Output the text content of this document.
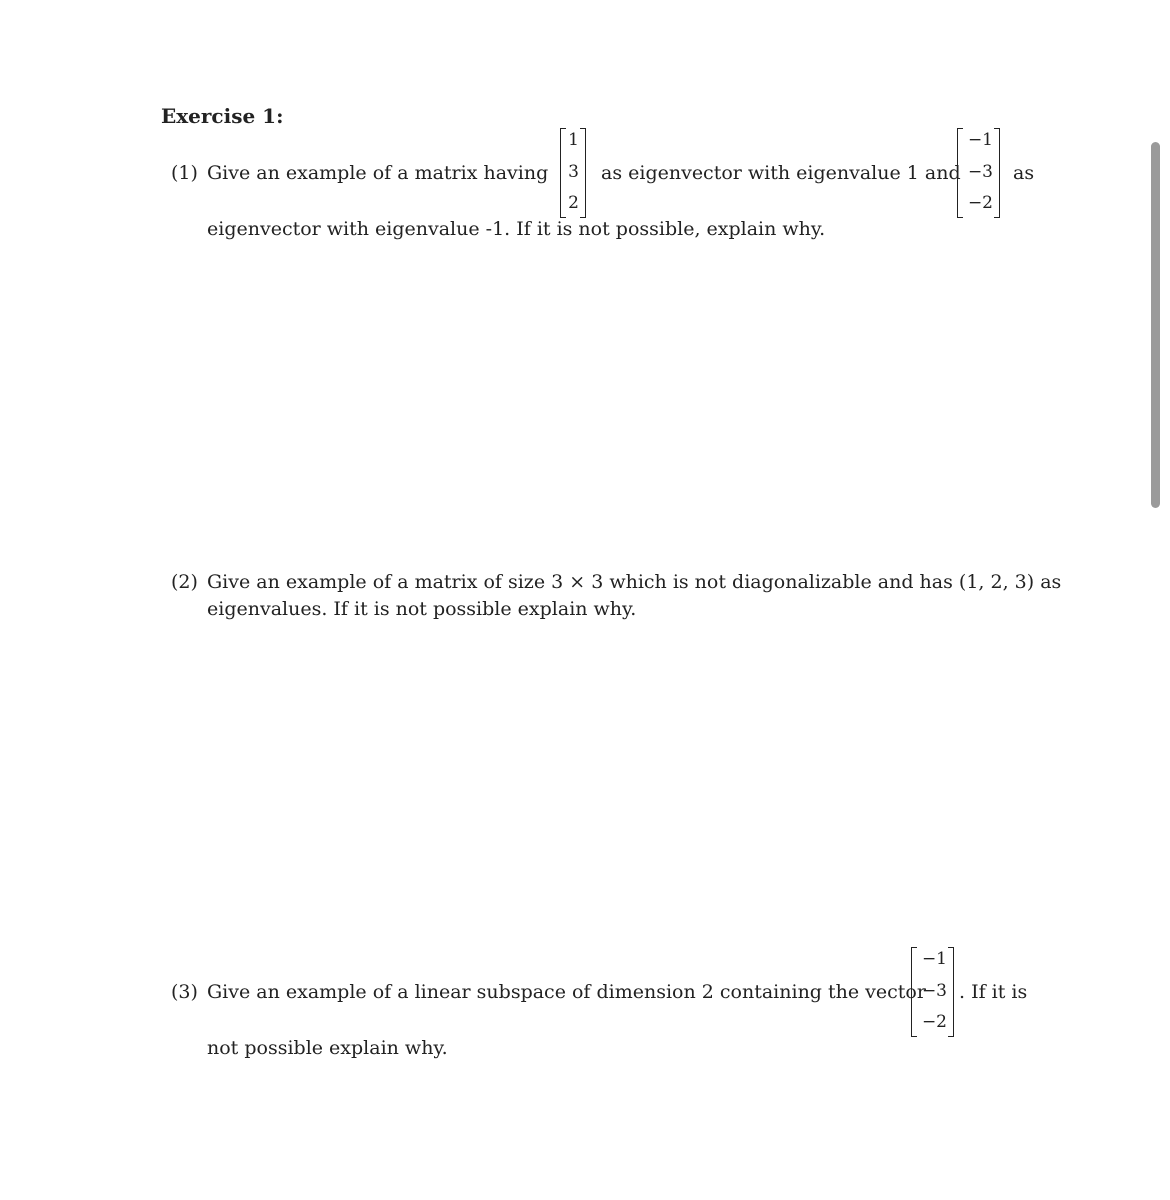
Exercise 1:
(1) Give an example of a matrix having
1
3
2
as eigenvector with eigenvalue 1 and
−1
−3
−2
as
eigenvector with eigenvalue -1. If it is not possible, explain why.
(2) Give an example of a matrix of size 3 × 3 which is not diagonalizable and has (1, 2, 3) as
eigenvalues. If it is not possible explain why.
(3) Give an example of a linear subspace of dimension 2 containing the vector
−1
−3
−2
. If it is
not possible explain why.
